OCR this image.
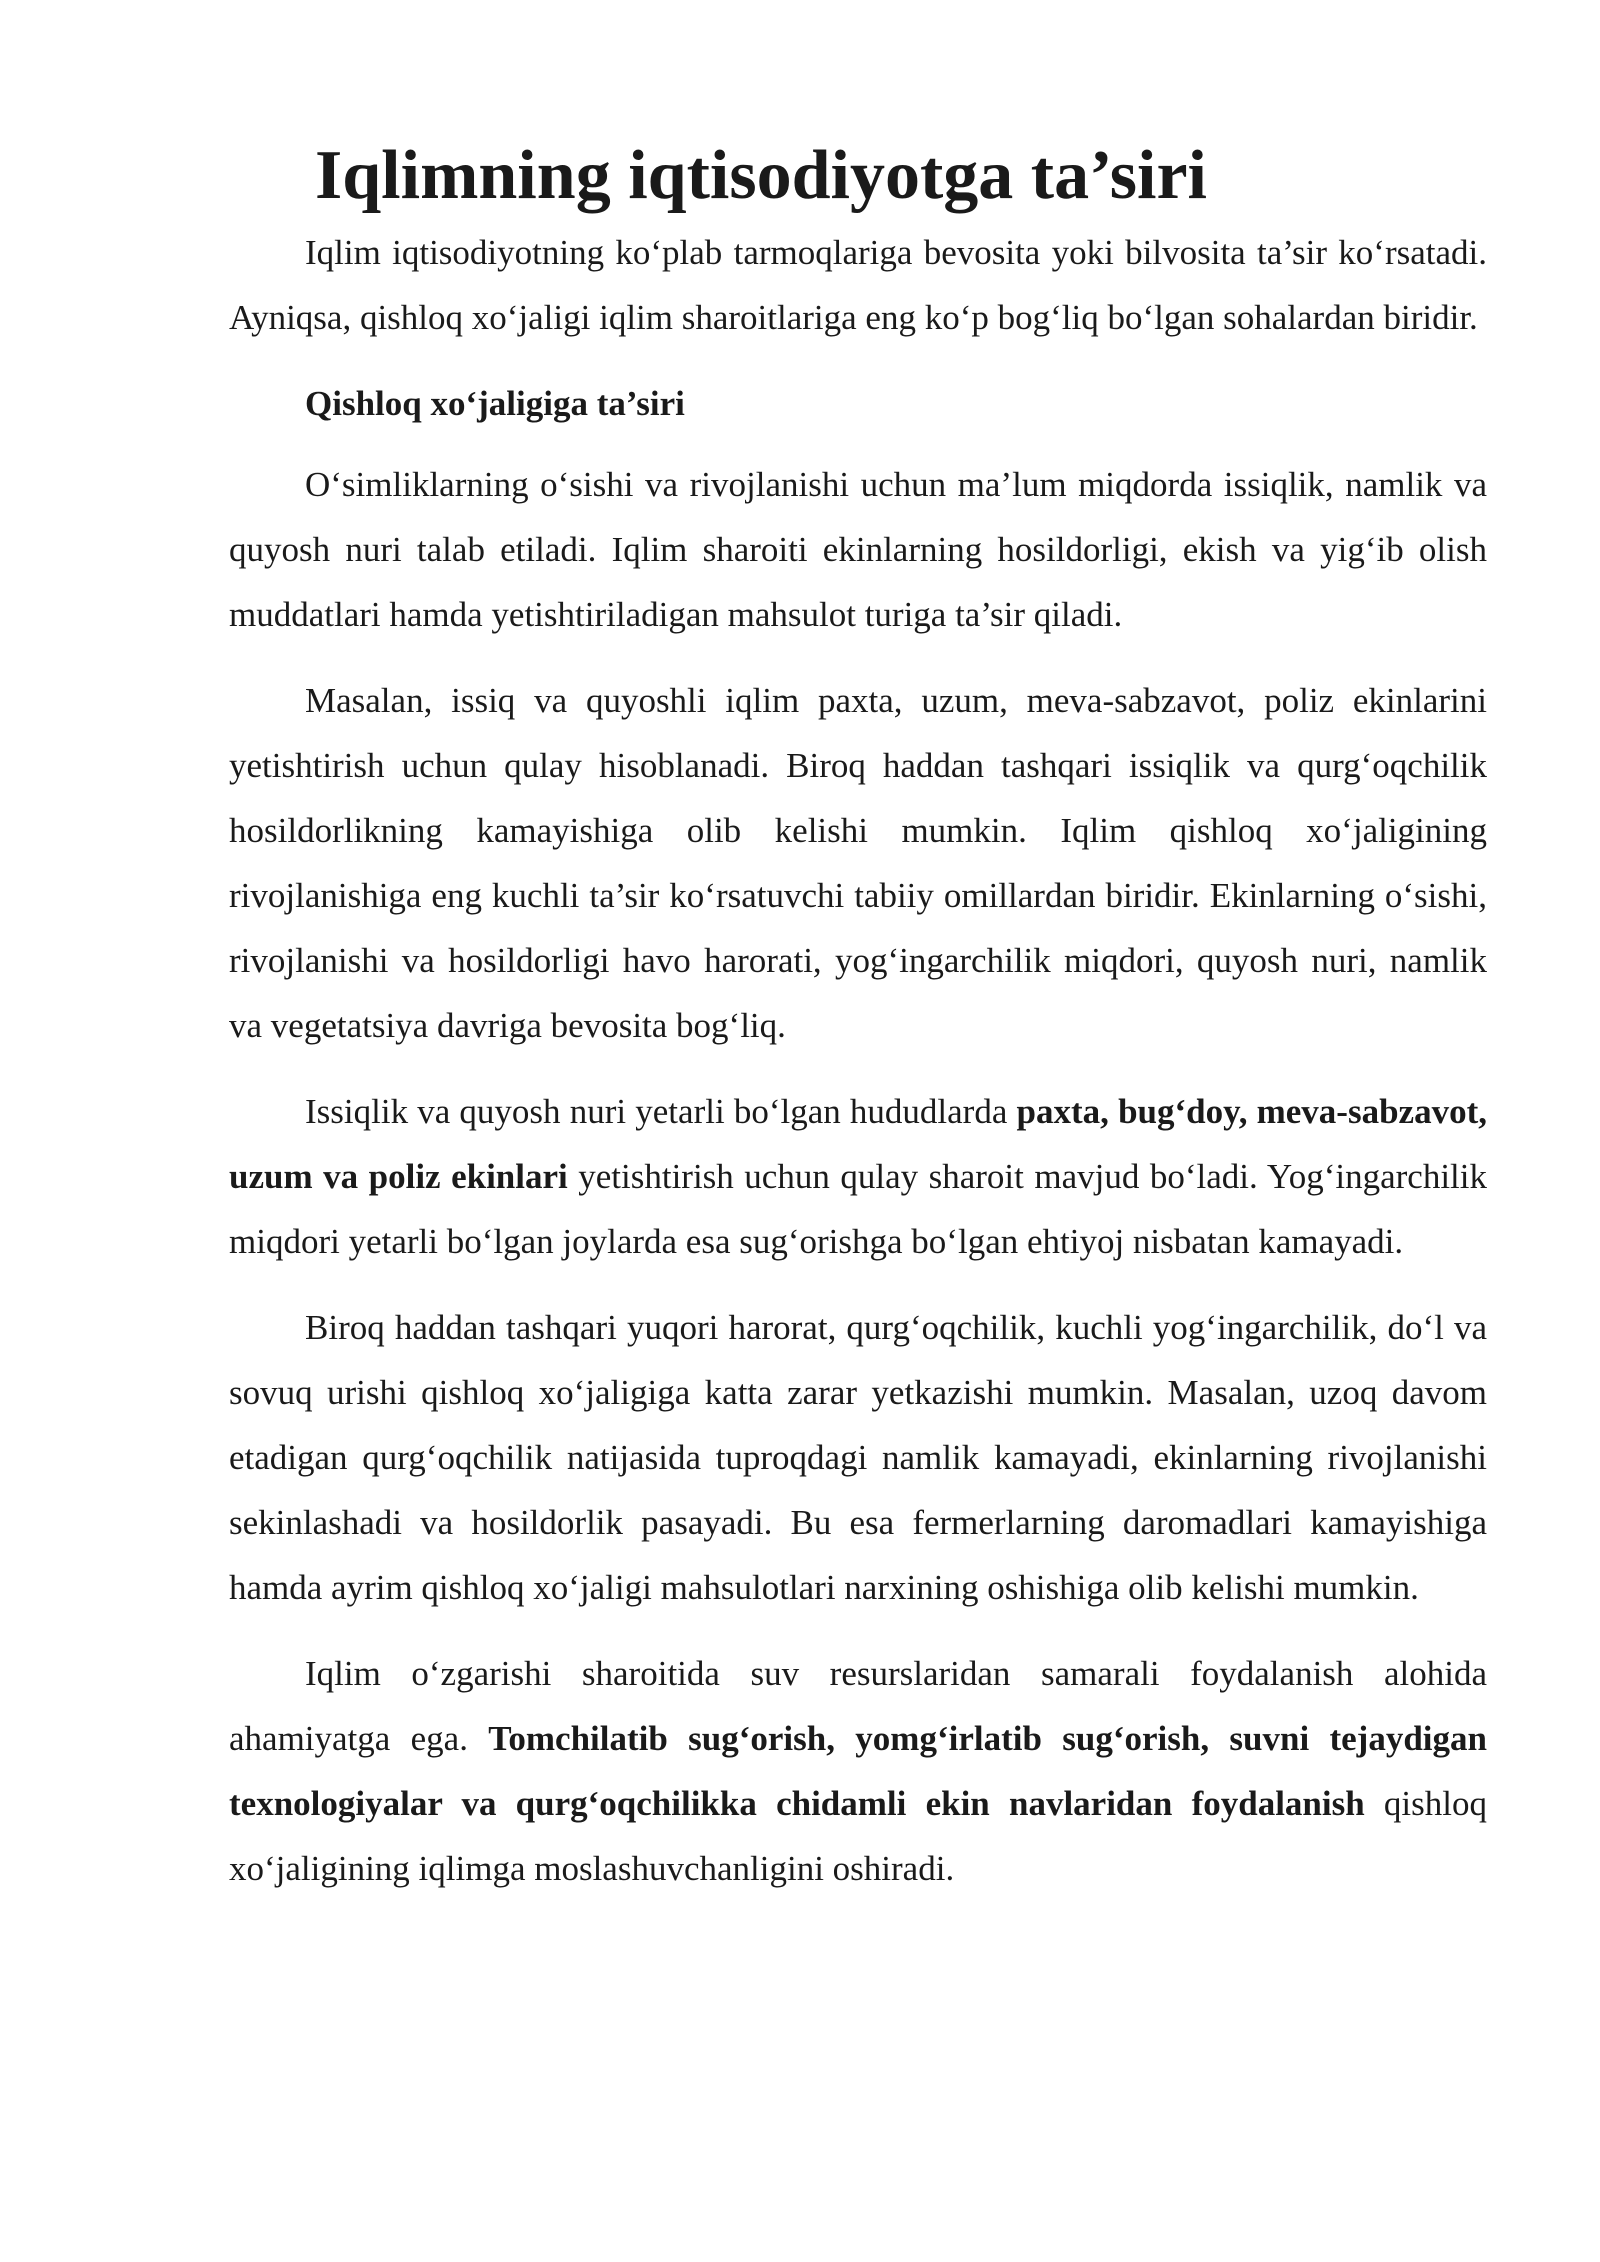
Iqlimning iqtisodiyotga ta’siri

Iqlim iqtisodiyotning ko‘plab tarmoqlariga bevosita yoki bilvosita ta’sir ko‘rsatadi. Ayniqsa, qishloq xo‘jaligi iqlim sharoitlariga eng ko‘p bog‘liq bo‘lgan sohalardan biridir.

Qishloq xo‘jaligiga ta’siri

O‘simliklarning o‘sishi va rivojlanishi uchun ma’lum miqdorda issiqlik, namlik va quyosh nuri talab etiladi. Iqlim sharoiti ekinlarning hosildorligi, ekish va yig‘ib olish muddatlari hamda yetishtiriladigan mahsulot turiga ta’sir qiladi.

Masalan, issiq va quyoshli iqlim paxta, uzum, meva-sabzavot, poliz ekinlarini yetishtirish uchun qulay hisoblanadi. Biroq haddan tashqari issiqlik va qurg‘oqchilik hosildorlikning kamayishiga olib kelishi mumkin. Iqlim qishloq xo‘jaligining rivojlanishiga eng kuchli ta’sir ko‘rsatuvchi tabiiy omillardan biridir. Ekinlarning o‘sishi, rivojlanishi va hosildorligi havo harorati, yog‘ingarchilik miqdori, quyosh nuri, namlik va vegetatsiya davriga bevosita bog‘liq.

Issiqlik va quyosh nuri yetarli bo‘lgan hududlarda paxta, bug‘doy, meva-sabzavot, uzum va poliz ekinlari yetishtirish uchun qulay sharoit mavjud bo‘ladi. Yog‘ingarchilik miqdori yetarli bo‘lgan joylarda esa sug‘orishga bo‘lgan ehtiyoj nisbatan kamayadi.

Biroq haddan tashqari yuqori harorat, qurg‘oqchilik, kuchli yog‘ingarchilik, do‘l va sovuq urishi qishloq xo‘jaligiga katta zarar yetkazishi mumkin. Masalan, uzoq davom etadigan qurg‘oqchilik natijasida tuproqdagi namlik kamayadi, ekinlarning rivojlanishi sekinlashadi va hosildorlik pasayadi. Bu esa fermerlarning daromadlari kamayishiga hamda ayrim qishloq xo‘jaligi mahsulotlari narxining oshishiga olib kelishi mumkin.

Iqlim o‘zgarishi sharoitida suv resurslaridan samarali foydalanish alohida ahamiyatga ega. Tomchilatib sug‘orish, yomg‘irlatib sug‘orish, suvni tejaydigan texnologiyalar va qurg‘oqchilikka chidamli ekin navlaridan foydalanish qishloq xo‘jaligining iqlimga moslashuvchanligini oshiradi.
